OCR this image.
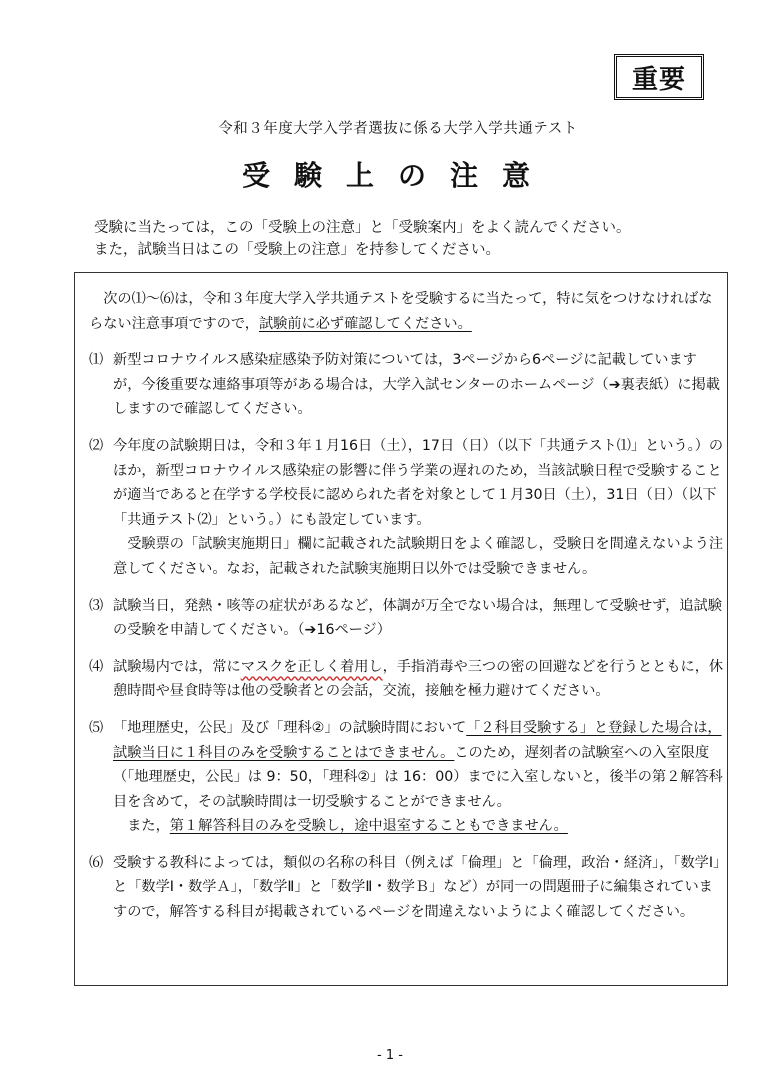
重要
令和３年度大学入学者選抜に係る大学入学共通テスト
受験上の注意
受験に当たっては，この「受験上の注意」と「受験案内」をよく読んでください。
また，試験当日はこの「受験上の注意」を持参してください。

次の⑴～⑹は，令和３年度大学入学共通テストを受験するに当たって，特に気をつけなければならない注意事項ですので，試験前に必ず確認してください。

⑴ 新型コロナウイルス感染症感染予防対策については，3ページから6ページに記載していますが，今後重要な連絡事項等がある場合は，大学入試センターのホームページ（➔裏表紙）に掲載しますので確認してください。
⑵ 今年度の試験期日は，令和３年１月16日（土），17日（日）（以下「共通テスト⑴」という。）のほか，新型コロナウイルス感染症の影響に伴う学業の遅れのため，当該試験日程で受験することが適当であると在学する学校長に認められた者を対象として１月30日（土），31日（日）（以下「共通テスト⑵」という。）にも設定しています。
受験票の「試験実施期日」欄に記載された試験期日をよく確認し，受験日を間違えないよう注意してください。なお，記載された試験実施期日以外では受験できません。
⑶ 試験当日，発熱・咳等の症状があるなど，体調が万全でない場合は，無理して受験せず，追試験の受験を申請してください。（➔16ページ）
⑷ 試験場内では，常にマスクを正しく着用し，手指消毒や三つの密の回避などを行うとともに，休憩時間や昼食時等は他の受験者との会話，交流，接触を極力避けてください。
⑸ 「地理歴史，公民」及び「理科②」の試験時間において「２科目受験する」と登録した場合は，試験当日に１科目のみを受験することはできません。このため，遅刻者の試験室への入室限度（「地理歴史，公民」は 9：50，「理科②」は 16：00）までに入室しないと，後半の第２解答科目を含めて，その試験時間は一切受験することができません。
また，第１解答科目のみを受験し，途中退室することもできません。
⑹ 受験する教科によっては，類似の名称の科目（例えば「倫理」と「倫理，政治・経済」，「数学Ⅰ」と「数学Ⅰ・数学Ａ」，「数学Ⅱ」と「数学Ⅱ・数学Ｂ」など）が同一の問題冊子に編集されていますので，解答する科目が掲載されているページを間違えないようによく確認してください。
- 1 -
